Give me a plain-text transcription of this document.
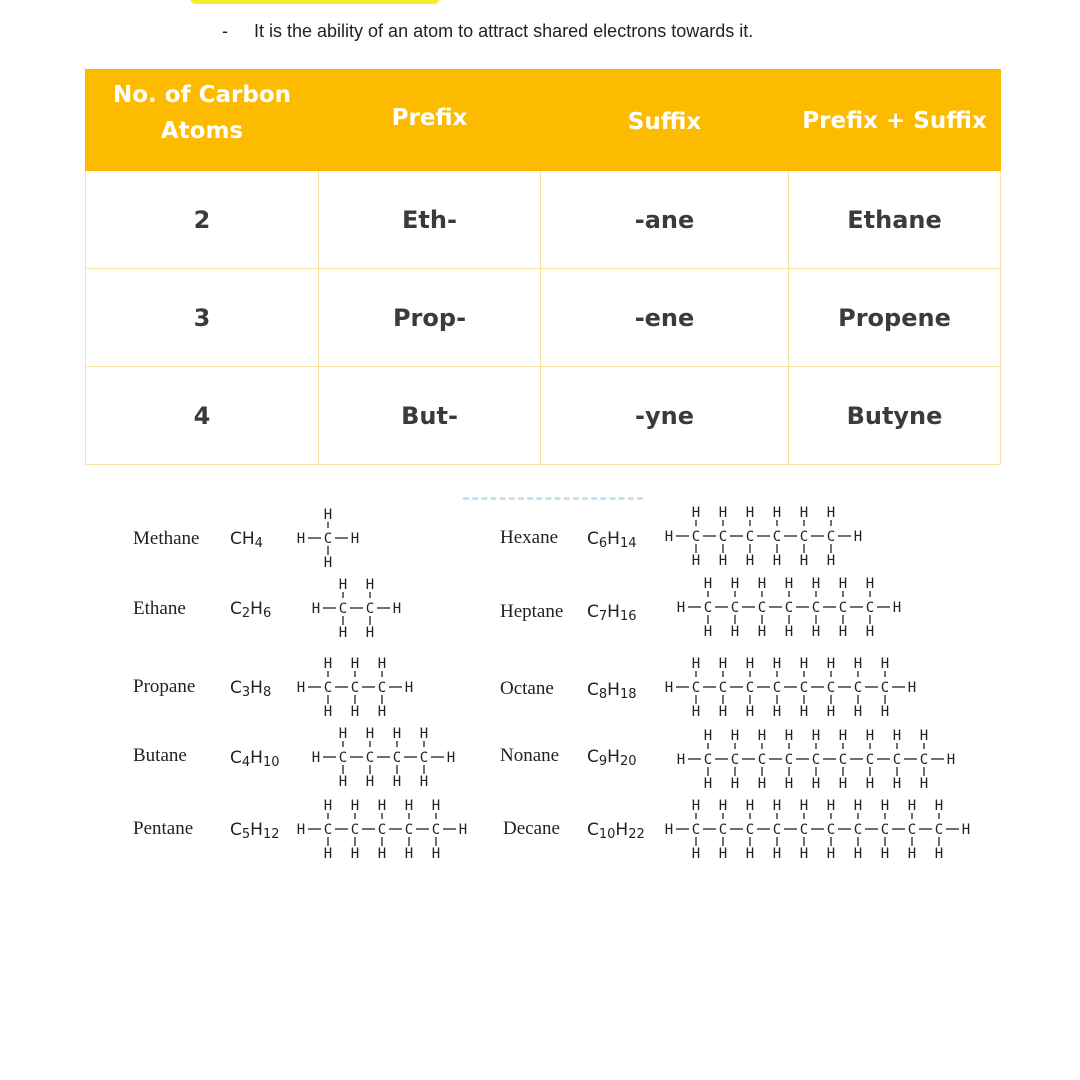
- It is the ability of an atom to attract shared electrons towards it.
No. of Carbon Atoms	Prefix	Suffix	Prefix + Suffix

2	Eth-	-ane	Ethane
3	Prop-	-ene	Propene
4	But-	-yne	Butyne
Methane $CH_4$ H C
H
H
H
Ethane	$C_2H_6$	H C
H
H
C
H
H
H
Propane $C_3H_8$ H C
H
H
C
H
H
C
H
H
H
Butane	$C_4H_{10}$ H C
H
H
C
H
H
C
H
H
C
H
H
H
Pentane $C_5H_{12}$ H C
H
H
C
H
H
C
H
H
C
H
H
C
H
H
H
Hexane $C_6H_{14}$ H C
H
H
C
H
H
C
H
H
C
H
H
C
H
H
C
H
H
H
Heptane $C_7H_{16}$
H C
H
H
C
H
H
C
H
H
C
H
H
C
H
H
C
H
H
C
H
H
H
Octane $C_8H_{18}$ H C
H
H
C
H
H
C
H
H
C
H
H
C
H
H
C
H
H
C
H
H
C
H
H
H
Nonane $C_9H_{20}$	H C
H
H
C
H
H
C
H
H
C
H
H
C
H
H
C
H
H
C
H
H
C
H
H
C
H
H
H
Decane $C_{10}H_{22}$ H C
H
H
C
H
H
C
H
H
C
H
H
C
H
H
C
H
H
C
H
H
C
H
H
C
H
H
C
H
H
H
